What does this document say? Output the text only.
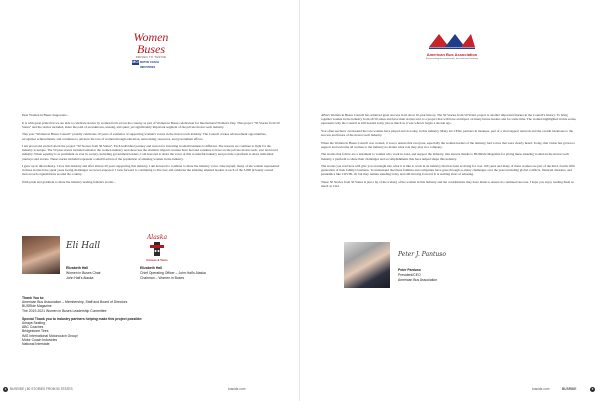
Women
Buses
DRIVEN TO THRIVE
MCI MOTOR COACH INDUSTRIES

Dear Women in Buses Supporters –

It is with great pride that we are able to celebrate stories by women from across the country as part of Women in Buses celebration for International Women's Day. This project "50 Stories from 50 States" and the stories included, share the path of an unknown, unsung, and quiet, yet significantly important segment of the private motorcoach industry.

This year "Women in Buses Council" proudly celebrates 10 years of existence of supporting women's voices in the motorcoach industry. The Council creates advancement opportunities, recognizes achievements, and continues to advance the role of women through education, networking, resources, and government efforts.

I am proud and excited about the project "50 Stories from 50 States". Each individual journey and reason for investing in small business is different. The reasons we continue to fight for the industry is unique. The 50 plus stories included enhance the women industry and showcase the dramatic impacts women have had and continue to have on the private motorcoach, tour and travel industry. When equality is as prominent as ever in society, including government leaders, I am honored to share the voice of this wonderful industry and provide a platform to share individual journeys and stories. These stories included represent a small fraction of the population of amazing women in the industry.

I grew up in this industry. I love this industry and after almost 20 years supporting this industry, I am honored to continue to share the industry voice. Like myself, many of the women represented in these stories have spent years facing challenges we never expected. I look forward to continuing to discover and celebrate the amazing talented leaders at each of the 3,000 privately owned motorcoach organizations around the country.

With pride and gratitude to share the industry leading female's stories –

Eli Hall
Elizabeth Hall
Women in Buses Chair
John Hall's Alaska
Alaska
Cruises & Tours
Elizabeth Hall
Chief Operating Officer – John Hall's Alaska
Chairman – Women in Buses
Thank You to:
American Bus Association – Membership, Staff and Board of Directors
BUSRide Magazine
The 2019-2021 Women in Buses Leadership Committee
Special Thank you to industry partners helping make this project possible:
Amaya Seating
ABC Coaches
Bridgestone Tires
IMG International Motorcoach Group!
Motor Coach Industries
National Interstate
4	BUSRIDE | 50 STORIES FROM 50 STATES	busride.com
American Bus Association
Representing the motorcoach, tour and travel industry

ABA's Women in Buses Council has achieved great success in its short 10-year history. The 50 Stories from 50 States project is another important marker in the Council's history. To bring together women in the industry from all 50 states and have their stories told, is a project that will have an impact on many future leaders and for some time. The women highlighted in this series, represents why the Council is still needed today just as much as it was when it began a decade ago.

You often see/have overlooked the role women have played and do today, in this industry. Many are CEOs, partners in business, part of a vital support network and the overall backbone to the success and future of the motorcoach industry.

When the Women in Buses Council was created, it was to ensure that everyone, especially the women leaders of the industry, had voices that were clearly heard. Today, that vision has grown to support and welcome all women to the industry no matter what role they play in a company.

The stories that follow are a testament to women who work in, lead, and support the industry. Our sincere thanks to BUSRide Magazine for giving these amazing women in the motorcoach industry a platform to share their challenges and accomplishments that have helped shape this industry.

The stories you read here will give you an insight into what it is like to work in an industry that has been evolving for over 100 years and many of these women are part of the third, fourth, fifth generation of their family's business. To understand that these families and companies have gone through so many challenges over the years including global conflicts, financial disasters, and pandemics like COVID-19, but they remain standing today and still moving forward. It is nothing short of amazing.

These 50 Stories from 50 States is just a tip of the iceberg of the women in this industry and the contributions they have made to ensure its continued success. I hope you enjoy reading them as much as I did.

Peter J. Pantuso
Peter Pantuso
President/CEO
American Bus Association
busride.com	BUSRIDE	5
